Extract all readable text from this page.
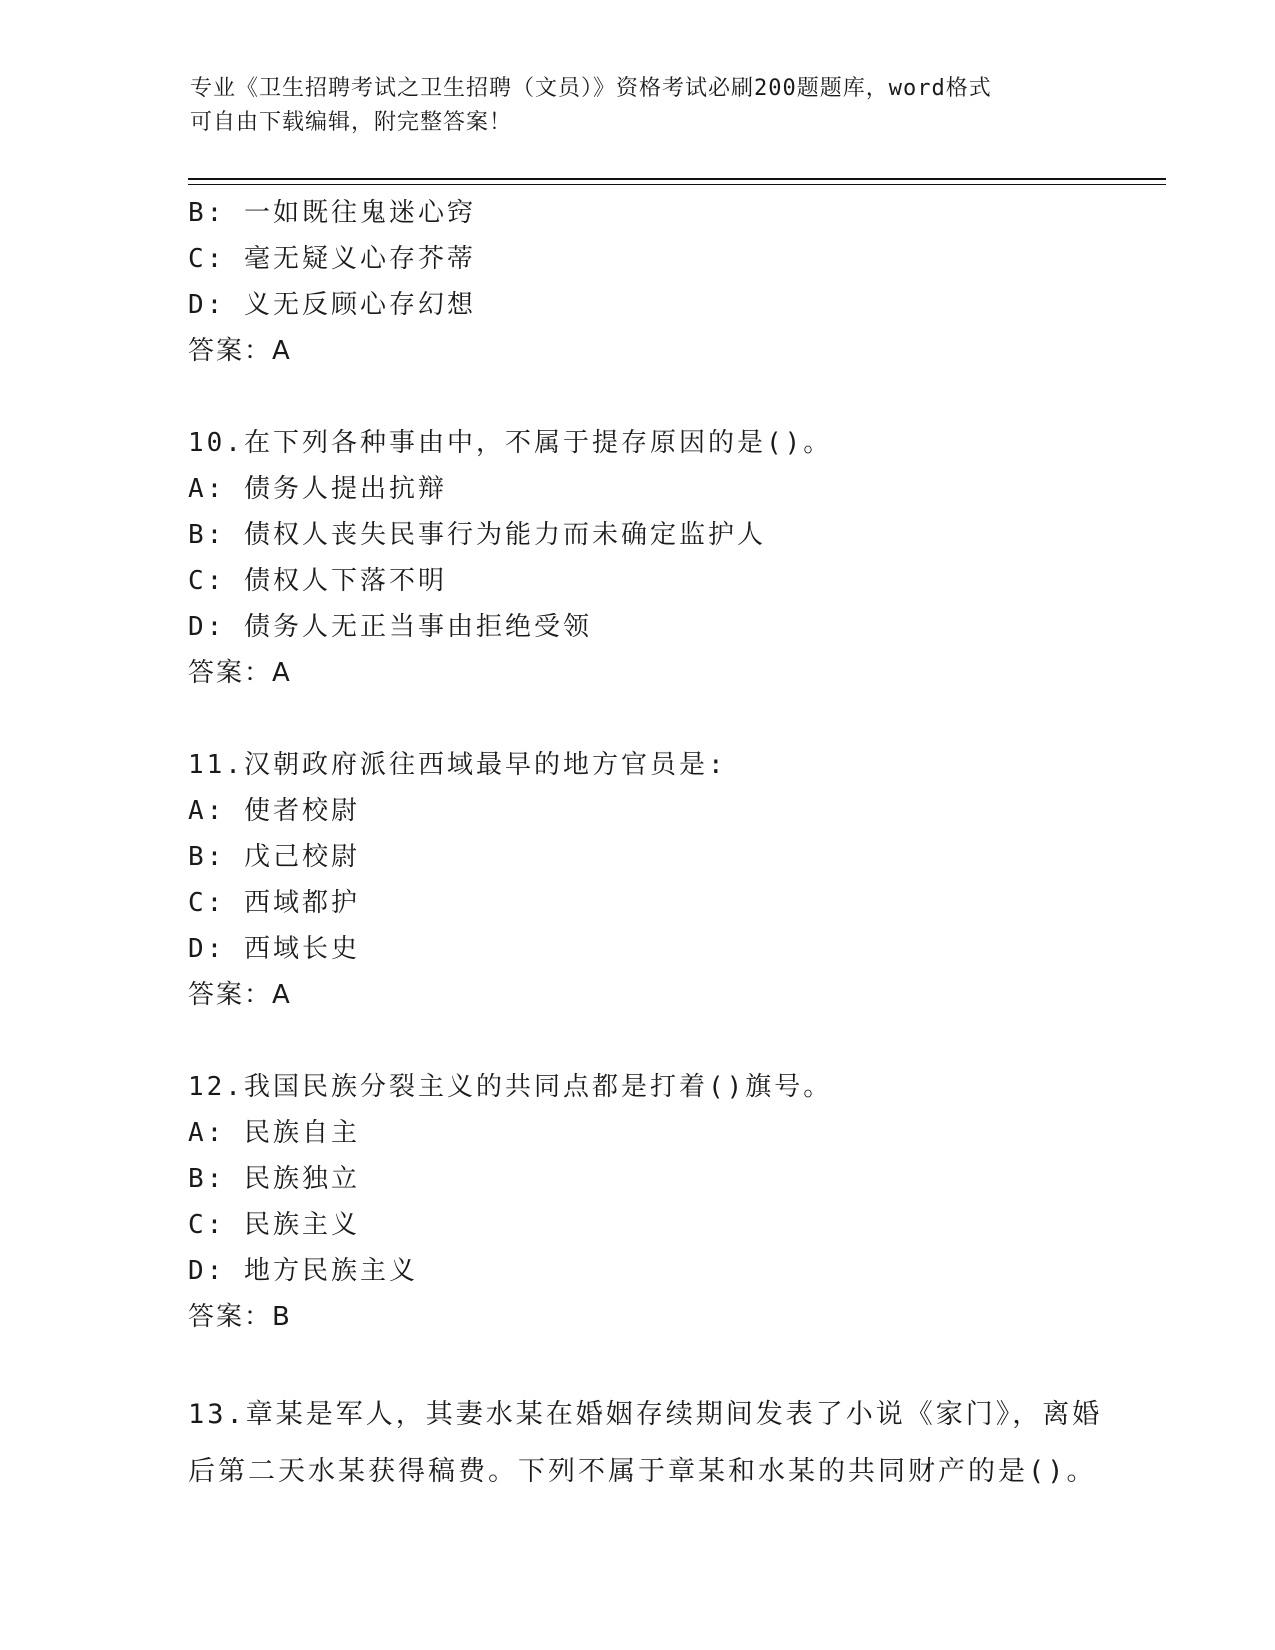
专业《卫生招聘考试之卫生招聘（文员）》资格考试必刷200题题库，word格式
可自由下载编辑，附完整答案！
B: 一如既往鬼迷心窍
C: 毫无疑义心存芥蒂
D: 义无反顾心存幻想
答案：A
10.在下列各种事由中，不属于提存原因的是()。
A: 债务人提出抗辩
B: 债权人丧失民事行为能力而未确定监护人
C: 债权人下落不明
D: 债务人无正当事由拒绝受领
答案：A
11.汉朝政府派往西域最早的地方官员是:
A: 使者校尉
B: 戊己校尉
C: 西域都护
D: 西域长史
答案：A
12.我国民族分裂主义的共同点都是打着()旗号。
A: 民族自主
B: 民族独立
C: 民族主义
D: 地方民族主义
答案：B
13.章某是军人，其妻水某在婚姻存续期间发表了小说《家门》，离婚
后第二天水某获得稿费。下列不属于章某和水某的共同财产的是()。
